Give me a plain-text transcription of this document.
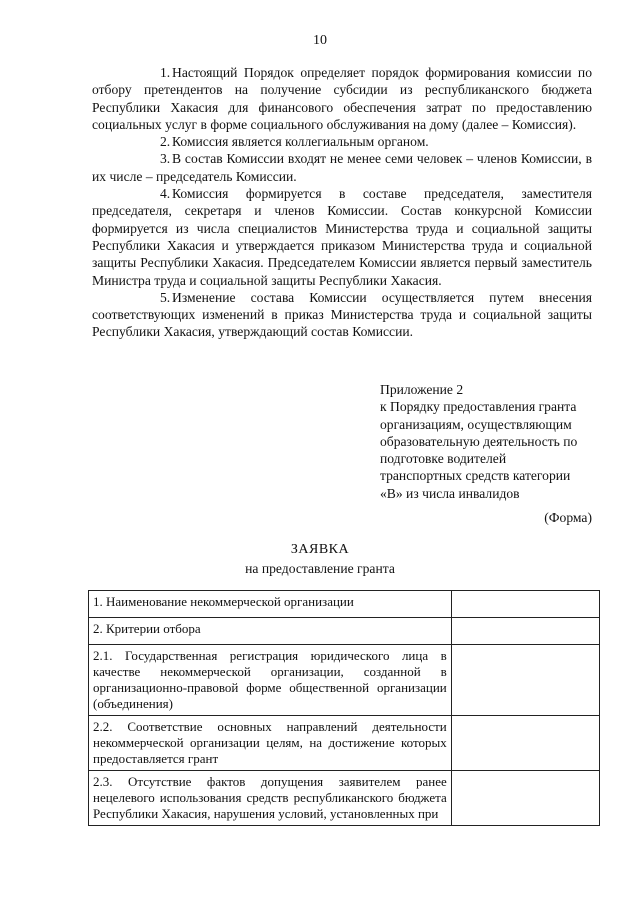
10

1. Настоящий Порядок определяет порядок формирования комиссии по отбору претендентов на получение субсидии из республиканского бюджета Республики Хакасия для финансового обеспечения затрат по предоставлению социальных услуг в форме социального обслуживания на дому (далее – Комиссия).

2. Комиссия является коллегиальным органом.

3. В состав Комиссии входят не менее семи человек – членов Комиссии, в их числе – председатель Комиссии.

4. Комиссия формируется в составе председателя, заместителя председателя, секретаря и членов Комиссии. Состав конкурсной Комиссии формируется из числа специалистов Министерства труда и социальной защиты Республики Хакасия и утверждается приказом Министерства труда и социальной защиты Республики Хакасия. Председателем Комиссии является первый заместитель Министра труда и социальной защиты Республики Хакасия.

5. Изменение состава Комиссии осуществляется путем внесения соответствующих изменений в приказ Министерства труда и социальной защиты Республики Хакасия, утверждающий состав Комиссии.

Приложение 2
к Порядку предоставления гранта
организациям, осуществляющим
образовательную деятельность по
подготовке водителей
транспортных средств категории
«В» из числа инвалидов
(Форма)
ЗАЯВКА
на предоставление гранта
1. Наименование некоммерческой организации	
2. Критерии отбора	
2.1. Государственная регистрация юридического лица в качестве некоммерческой организации, созданной в организационно-правовой форме общественной организации (объединения)	
2.2. Соответствие основных направлений деятельности некоммерческой организации целям, на достижение которых предоставляется грант	
2.3. Отсутствие фактов допущения заявителем ранее нецелевого использования средств республиканского бюджета Республики Хакасия, нарушения условий, установленных при	
